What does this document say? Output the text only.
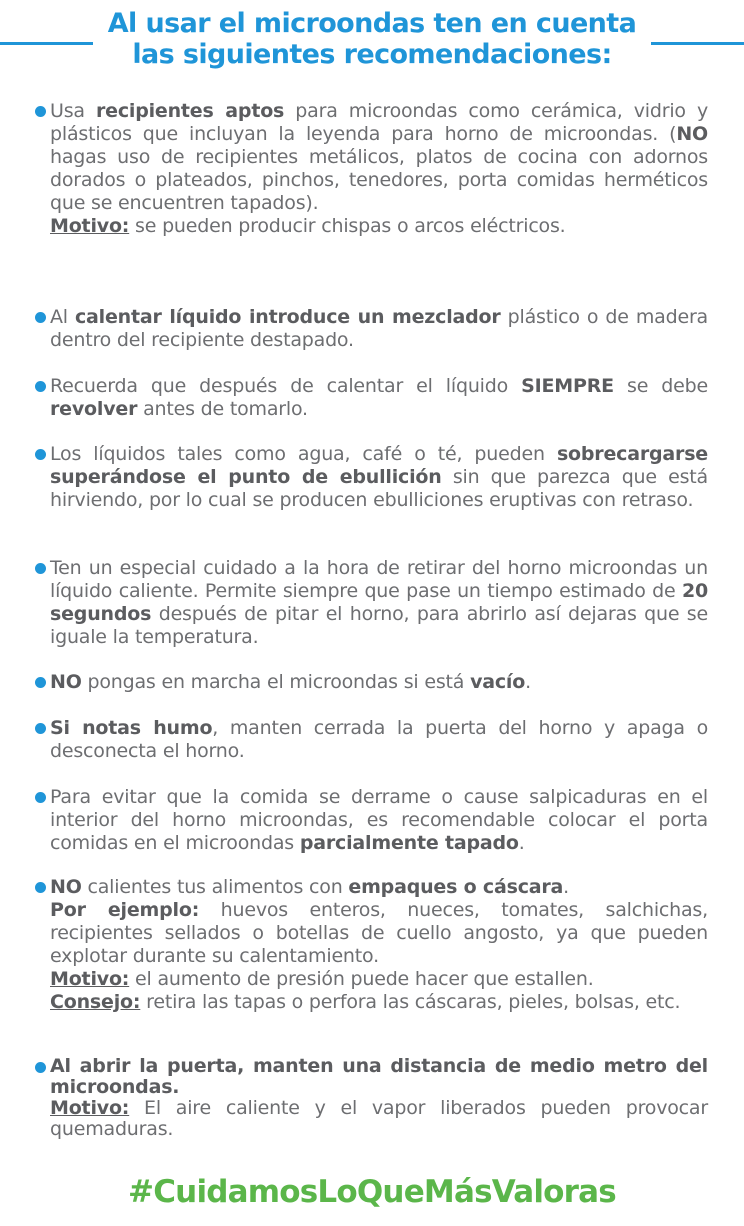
Al usar el microondas ten en cuenta
las siguientes recomendaciones:
Usa recipientes aptos para microondas como cerámica, vidrio y plásticos que incluyan la leyenda para horno de microondas. (NO hagas uso de recipientes metálicos, platos de cocina con adornos dorados o plateados, pinchos, tenedores, porta comidas herméticos que se encuentren tapados).
Motivo: se pueden producir chispas o arcos eléctricos.
Al calentar líquido introduce un mezclador plástico o de madera dentro del recipiente destapado.
Recuerda que después de calentar el líquido SIEMPRE se debe revolver antes de tomarlo.
Los líquidos tales como agua, café o té, pueden sobrecargarse superándose el punto de ebullición sin que parezca que está hirviendo, por lo cual se producen ebulliciones eruptivas con retraso.
Ten un especial cuidado a la hora de retirar del horno microondas un líquido caliente. Permite siempre que pase un tiempo estimado de 20 segundos después de pitar el horno, para abrirlo así dejaras que se iguale la temperatura.
NO pongas en marcha el microondas si está vacío.
Si notas humo, manten cerrada la puerta del horno y apaga o desconecta el horno.
Para evitar que la comida se derrame o cause salpicaduras en el interior del horno microondas, es recomendable colocar el porta comidas en el microondas parcialmente tapado.
NO calientes tus alimentos con empaques o cáscara.
Por ejemplo: huevos enteros, nueces, tomates, salchichas, recipientes sellados o botellas de cuello angosto, ya que pueden explotar durante su calentamiento.
Motivo: el aumento de presión puede hacer que estallen.
Consejo: retira las tapas o perfora las cáscaras, pieles, bolsas, etc.
Al abrir la puerta, manten una distancia de medio metro del microondas.
Motivo: El aire caliente y el vapor liberados pueden provocar quemaduras.
#CuidamosLoQueMásValoras
